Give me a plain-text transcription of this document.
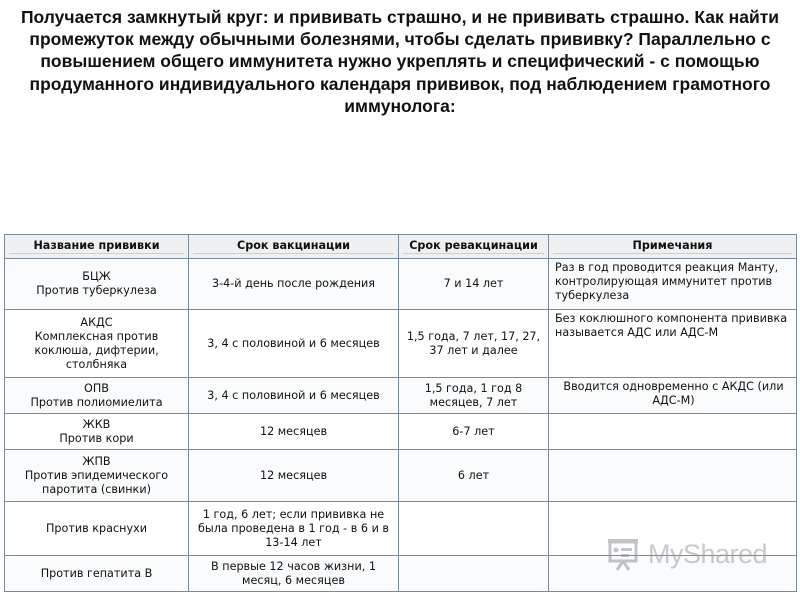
Получается замкнутый круг: и прививать страшно, и не прививать страшно. Как найти промежуток между обычными болезнями, чтобы сделать прививку? Параллельно с повышением общего иммунитета нужно укреплять и специфический - с помощью продуманного индивидуального календаря прививок, под наблюдением грамотного иммунолога:

Название прививки	Срок вакцинации	Срок ревакцинации	Примечания

БЦЖ
Против туберкулеза	3-4-й день после рождения	7 и 14 лет	Раз в год проводится реакция Манту, контролирующая иммунитет против туберкулеза

АКДС
Комплексная против коклюша, дифтерии, столбняка	3, 4 с половиной и 6 месяцев	1,5 года, 7 лет, 17, 27, 37 лет и далее	Без коклюшного компонента прививка называется АДС или АДС-М

ОПВ
Против полиомиелита	3, 4 с половиной и 6 месяцев	1,5 года, 1 год 8 месяцев, 7 лет	Вводится одновременно с АКДС (или АДС-М)

ЖКВ
Против кори	12 месяцев	6-7 лет	

ЖПВ
Против эпидемического паротита (свинки)	12 месяцев	6 лет	

Против краснухи	1 год, 6 лет; если прививка не была проведена в 1 год - в 6 и в 13-14 лет		

Против гепатита В	В первые 12 часов жизни, 1 месяц, 6 месяцев		
MyShared
